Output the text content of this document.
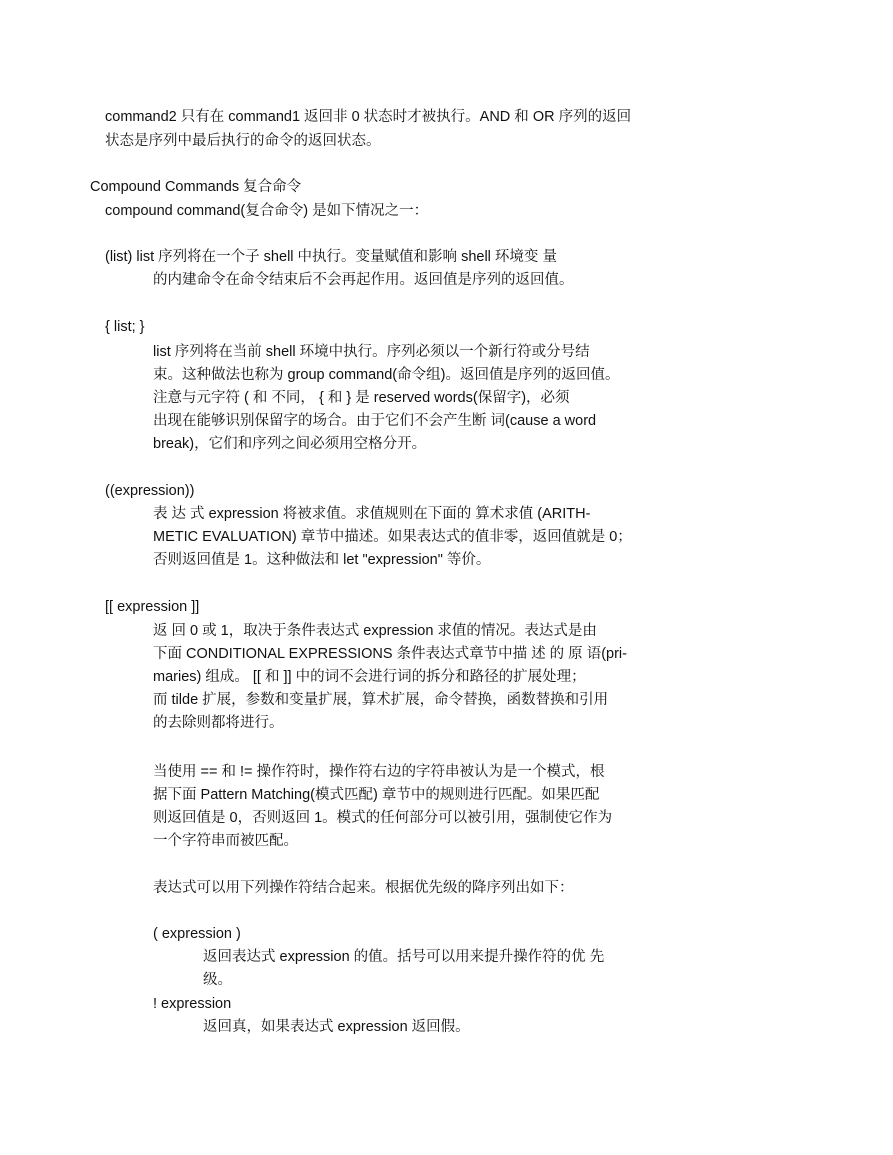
command2 只有在 command1 返回非 0 状态时才被执行。AND 和 OR 序列的返回
状态是序列中最后执行的命令的返回状态。
Compound Commands 复合命令
compound command(复合命令) 是如下情况之一：
(list) list 序列将在一个子 shell 中执行。变量赋值和影响 shell 环境变 量
的内建命令在命令结束后不会再起作用。返回值是序列的返回值。
{ list; }
list 序列将在当前 shell 环境中执行。序列必须以一个新行符或分号结
束。这种做法也称为 group command(命令组)。返回值是序列的返回值。
注意与元字符 ( 和 不同， { 和 } 是 reserved words(保留字)，必须
出现在能够识别保留字的场合。由于它们不会产生断 词(cause a word
break)，它们和序列之间必须用空格分开。
((expression))
表 达 式 expression 将被求值。求值规则在下面的 算术求值 (ARITH-
METIC EVALUATION) 章节中描述。如果表达式的值非零，返回值就是 0；
否则返回值是 1。这种做法和 let "expression" 等价。
[[ expression ]]
返 回 0 或 1，取决于条件表达式 expression 求值的情况。表达式是由
下面 CONDITIONAL EXPRESSIONS 条件表达式章节中描 述 的 原 语(pri-
maries) 组成。 [[ 和 ]] 中的词不会进行词的拆分和路径的扩展处理；
而 tilde 扩展，参数和变量扩展，算术扩展，命令替换，函数替换和引用
的去除则都将进行。
当使用 == 和 != 操作符时，操作符右边的字符串被认为是一个模式，根
据下面 Pattern Matching(模式匹配) 章节中的规则进行匹配。如果匹配
则返回值是 0，否则返回 1。模式的任何部分可以被引用，强制使它作为
一个字符串而被匹配。
表达式可以用下列操作符结合起来。根据优先级的降序列出如下：
( expression )
返回表达式 expression 的值。括号可以用来提升操作符的优 先
级。
! expression
返回真，如果表达式 expression 返回假。
